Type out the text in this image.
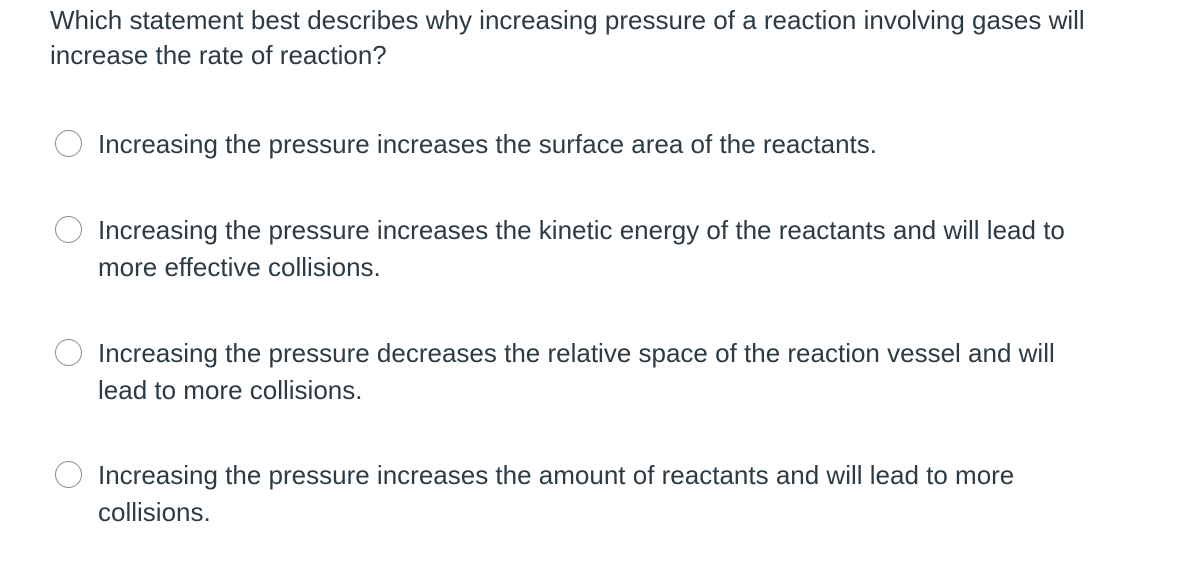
Which statement best describes why increasing pressure of a reaction involving gases will increase the rate of reaction?

Increasing the pressure increases the surface area of the reactants.
Increasing the pressure increases the kinetic energy of the reactants and will lead to more effective collisions.
Increasing the pressure decreases the relative space of the reaction vessel and will lead to more collisions.
Increasing the pressure increases the amount of reactants and will lead to more collisions.
